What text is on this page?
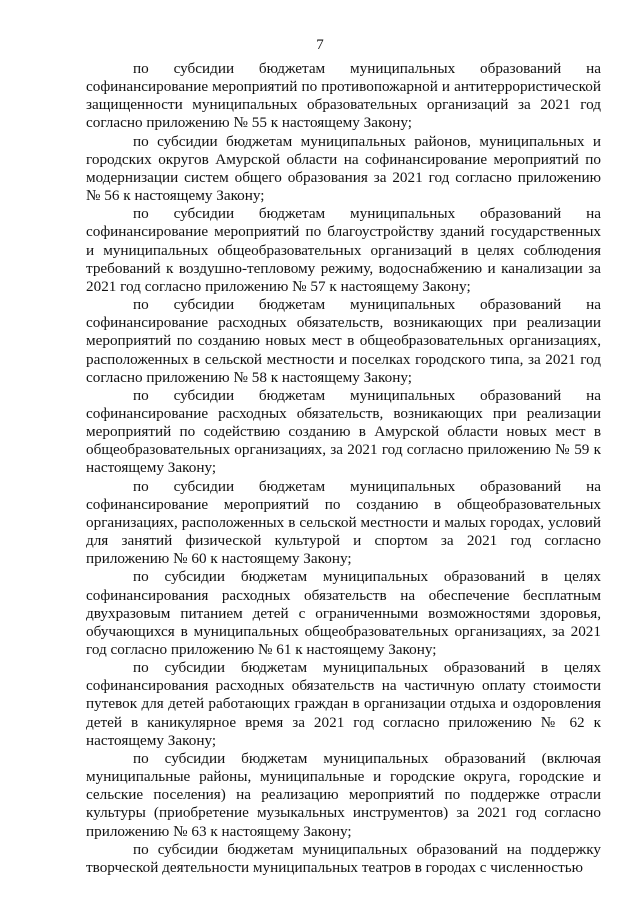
7

по субсидии бюджетам муниципальных образований на софинансирование мероприятий по противопожарной и антитеррористической защищенности муниципальных образовательных организаций за 2021 год согласно приложению № 55 к настоящему Закону;

по субсидии бюджетам муниципальных районов, муниципальных и городских округов Амурской области на софинансирование мероприятий по модернизации систем общего образования за 2021 год согласно приложению № 56 к настоящему Закону;

по субсидии бюджетам муниципальных образований на софинансирование мероприятий по благоустройству зданий государственных и муниципальных общеобразовательных организаций в целях соблюдения требований к воздушно-тепловому режиму, водоснабжению и канализации за 2021 год согласно приложению № 57 к настоящему Закону;

по субсидии бюджетам муниципальных образований на софинансирование расходных обязательств, возникающих при реализации мероприятий по созданию новых мест в общеобразовательных организациях, расположенных в сельской местности и поселках городского типа, за 2021 год согласно приложению № 58 к настоящему Закону;

по субсидии бюджетам муниципальных образований на софинансирование расходных обязательств, возникающих при реализации мероприятий по содействию созданию в Амурской области новых мест в общеобразовательных организациях, за 2021 год согласно приложению № 59 к настоящему Закону;

по субсидии бюджетам муниципальных образований на софинансирование мероприятий по созданию в общеобразовательных организациях, расположенных в сельской местности и малых городах, условий для занятий физической культурой и спортом за 2021 год согласно приложению № 60 к настоящему Закону;

по субсидии бюджетам муниципальных образований в целях софинансирования расходных обязательств на обеспечение бесплатным двухразовым питанием детей с ограниченными возможностями здоровья, обучающихся в муниципальных общеобразовательных организациях, за 2021 год согласно приложению № 61 к настоящему Закону;

по субсидии бюджетам муниципальных образований в целях софинансирования расходных обязательств на частичную оплату стоимости путевок для детей работающих граждан в организации отдыха и оздоровления детей в каникулярное время за 2021 год согласно приложению № 62 к настоящему Закону;

по субсидии бюджетам муниципальных образований (включая муниципальные районы, муниципальные и городские округа, городские и сельские поселения) на реализацию мероприятий по поддержке отрасли культуры (приобретение музыкальных инструментов) за 2021 год согласно приложению № 63 к настоящему Закону;

по субсидии бюджетам муниципальных образований на поддержку творческой деятельности муниципальных театров в городах с численностью
